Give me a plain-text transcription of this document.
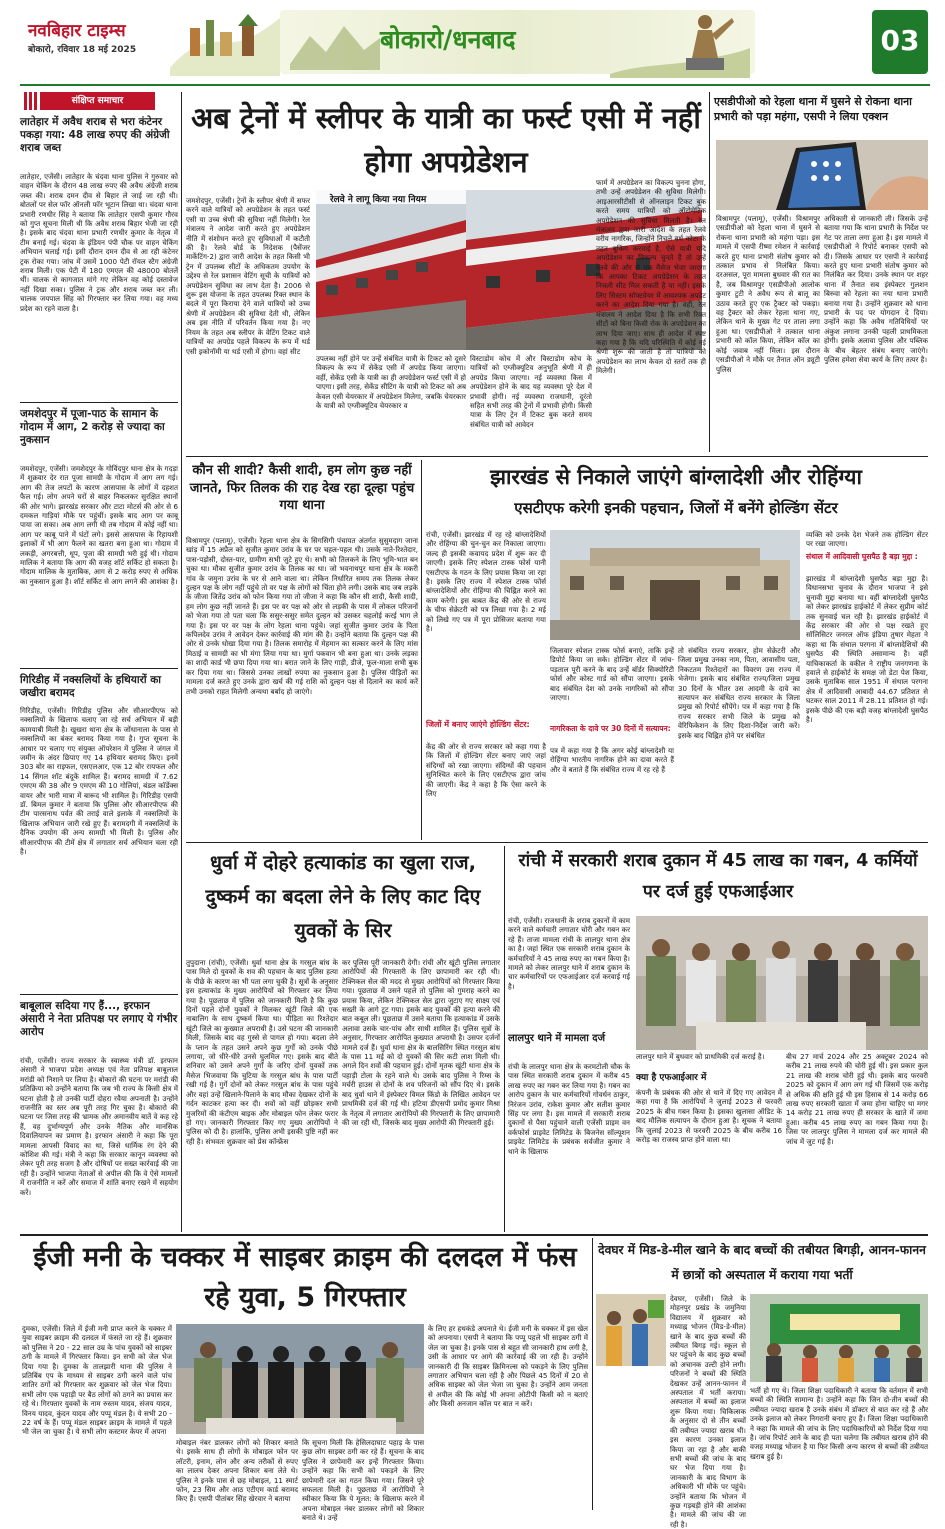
नवबिहार टाइम्स
बोकारो, रविवार 18 मई 2025	बोकारो/धनबाद	03
संक्षिप्त समाचार
लातेहार में अवैध शराब से भरा कंटेनर पकड़ा गया: 48 लाख रुपए की अंग्रेजी शराब जब्त
लातेहार, एजेंसी। लातेहार के चंदवा थाना पुलिस ने गुरुवार को वाहन चेकिंग के दौरान 48 लाख रुपए की अवैध अंग्रेजी शराब जब्त की। शराब दमन दीव से बिहार ले जाई जा रही थी। बोतलों पर सेल फॉर ऑनली फॉर भूटान लिखा था। चंदवा थाना प्रभारी रणधीर सिंह ने बताया कि लातेहार एसपी कुमार गौरव को गुप्त सूचना मिली थी कि अवैध शराब बिहार भेजी जा रही है। इसके बाद चंदवा थाना प्रभारी रणधीर कुमार के नेतृत्व में टीम बनाई गई। चंदवा के इंडियन पंपी चौक पर वाहन चेकिंग अभियान चलाई गई। इसी दौरान दमन दीव से आ रही कंटेनर ट्रक रोका गया। जांच में उसमें 1000 पेटी रॉयल स्टैग अंग्रेजी शराब मिली। एक पेटी में 180 एमएल की 48000 बोतलें थीं। चालक से कागजात मांगे गए लेकिन वह कोई दस्तावेज नहीं दिखा सका। पुलिस ने ट्रक और शराब जब्त कर ली। चालक जयपाल सिंह को गिरफ्तार कर लिया गया। वह मध्य प्रदेश का रहने वाला है।
जमशेदपुर में पूजा-पाठ के सामान के गोदाम में आग, 2 करोड़ से ज्यादा का नुकसान
जमशेदपुर, एजेंसी। जमशेदपुर के गोविंदपुर थाना क्षेत्र के गदड़ा में शुक्रवार देर रात पूजा सामग्री के गोदाम में आग लग गई। आग की तेज लपटों के कारण आसपास के लोगों में दहशत फैल गई। लोग अपने घरों से बाहर निकलकर सुरक्षित स्थानों की ओर भागे। झारखंड सरकार और टाटा मोटर्स की ओर से 6 दमकल गाड़ियां मौके पर पहुंचीं। इसके बाद आग पर काबू पाया जा सका। अब आग लगी थी तब गोदाम में कोई नहीं था। आग पर काबू पाने में घंटों लगे। इससे आसपास के रिहायशी इलाकों में भी आग फैलने का खतरा बना हुआ था। गोदाम में लकड़ी, अगरबत्ती, धूप, पूजा की सामग्री भरी हुई थी। गोदाम मालिक ने बताया कि आग की वजह शॉर्ट सर्किट हो सकता है। गोदाम मालिक के मुताबिक, आग से 2 करोड़ रुपए से अधिक का नुकसान हुआ है। शॉर्ट सर्किट से आग लगने की आशंका है।
गिरिडीह में नक्सलियों के हथियारों का जखीरा बरामद
गिरिडीह, एजेंसी। गिरिडीह पुलिस और सीआरपीएफ को नक्सलियों के खिलाफ चलाए जा रहे सर्च अभियान में बड़ी कामयाबी मिली है। खुखरा थाना क्षेत्र के जोंधानाला के पास से नक्सलियों का बंकर बरामद किया गया है। गुप्त सूचना के आधार पर चलाए गए संयुक्त ऑपरेशन में पुलिस ने जंगल में जमीन के अंदर छिपाए गए 14 हथियार बरामद किए। इनमें 303 बोर का राइफल, एसएलआर, एक 12 बोर रायफल और 14 सिंगल शॉट बंदूकें शामिल हैं। बरामद सामग्री में 7.62 एमएम की 38 और 9 एमएम की 10 गोलियां, बंडल कॉर्डेक्स वायर और भारी मात्रा में बारूद भी शामिल है। गिरिडीह एसपी डॉ. बिमल कुमार ने बताया कि पुलिस और सीआरपीएफ की टीम पारसनाथ पर्वत की तराई वाले इलाके में नक्सलियों के खिलाफ अभियान जारी रखे हुए हैं। बरामदगी में नक्सलियों के दैनिक उपयोग की अन्य सामग्री भी मिली है। पुलिस और सीआरपीएफ की टीमें क्षेत्र में लगातार सर्च अभियान चला रही है।
बाबूलाल सदिया गए हैं..., इरफान अंसारी ने नेता प्रतिपक्ष पर लगाए ये गंभीर आरोप
रांची, एजेंसी। राज्य सरकार के स्वास्थ्य मंत्री डॉ. इरफान अंसारी ने भाजपा प्रदेश अध्यक्ष एवं नेता प्रतिपक्ष बाबूलाल मरांडी को निशाने पर लिया है। बोकारो की घटना पर मरांडी की प्रतिक्रिया को उन्होंने बताया कि जब भी राज्य के किसी क्षेत्र में घटना होती है तो उनकी पार्टी दोहरा रवैया अपनाती है। उन्होंने राजनीति का स्तर अब पूरी तरह गिर चुका है। बोकारो की घटना पर जिस तरह की भ्रामक और अमानवीय बातें वे कह रहे हैं, वह दुर्भाग्यपूर्ण और उनके नैतिक और मानसिक दिवालियापन का प्रमाण है। इरफान अंसारी ने कहा कि पूरा मामला आपसी विवाद का था, जिसे धार्मिक रंग देने की कोशिश की गई। मंत्री ने कहा कि सरकार कानून व्यवस्था को लेकर पूरी तरह सजग है और दोषियों पर सख्त कार्रवाई की जा रही है। उन्होंने भाजपा नेताओं से अपील की कि वे ऐसे मामलों में राजनीति न करें और समाज में शांति बनाए रखने में सहयोग करें।
अब ट्रेनों में स्लीपर के यात्री का फर्स्ट एसी में नहीं होगा अपग्रेडेशन
जमशेदपुर, एजेंसी। ट्रेनों के स्लीपर श्रेणी में सफर करने वाले यात्रियों को अपग्रेडेशन के तहत फर्स्ट एसी या उच्च श्रेणी की सुविधा नहीं मिलेगी। रेल मंत्रालय ने आदेश जारी करते हुए अपग्रेडेशन नीति में संशोधन करते हुए सुविधाओं में कटौती की है। रेलवे बोर्ड के निदेशक (पैसेंजर मार्केटिंग-2) द्वारा जारी आदेश के तहत किसी भी ट्रेन में उपलब्ध सीटों के अधिकतम उपयोग के उद्देश्य से रेल प्रशासन वेटिंग सूची के यात्रियों को अपग्रेडेशन सुविधा का लाभ देता है। 2006 से शुरू इस योजना के तहत उपलब्ध रिक्त स्थान के बदले में पूरा किराया देने वाले यात्रियों को उच्च श्रेणी में अपग्रेडेशन की सुविधा देती थी, लेकिन अब इस नीति में परिवर्तन किया गया है। नए नियम के तहत अब स्लीपर के वेटिंग टिकट वाले यात्रियों का अपग्रेड पहले विकल्प के रूप में थर्ड एसी इकोनॉमी या थर्ड एसी में होगा। वहां सीट
रेलवे ने लागू किया नया नियम
उपलब्ध नहीं होने पर उन्हें संबंधित यात्री के टिकट को दूसरे विकल्प के रूप में सेकेंड एसी में अपग्रेड किया जाएगा। वहीं, सेकेंड एसी के यात्री का ही अपग्रेडेशन फर्स्ट एसी में हो पाएगा। इसी तरह, सेकेंड सीटिंग के यात्री को टिकट को अब केवल एसी चेयरकार में अपग्रेडेशन मिलेगा, जबकि चेयरकार के यात्री को एग्जीक्यूटिव चेयरकार व
विस्टाडोम कोच में और विस्टाडोम कोच के यात्रियों को एग्जीक्यूटिव अनुभूति श्रेणी में ही अपग्रेड किया जाएगा। नई व्यवस्था किस में अपग्रेडेशन होने के बाद यह व्यवस्था पूरे देश में प्रभावी होगी। नई व्यवस्था राजधानी, दूरंतो सहित सभी तरह की ट्रेनों में प्रभावी होगी। किसी यात्रा के लिए ट्रेन में टिकट बुक करते समय संबंधित यात्री को आवेदन
फार्म में अपग्रेडेशन का विकल्प चुनना होगा, तभी उन्हें अपग्रेडेशन की सुविधा मिलेगी। आइआरसीटीसी से ऑनलाइन टिकट बुक करते समय यात्रियों को ऑटोमेटिक अपग्रेडेशन की सुविधा मिलती है। रेल मंत्रालय द्वारा जारी आदेश के तहत रेलवे वरीय नागरिक, जिन्होंने निचले बर्थ कोटा के तहत बुकिंग करवाई है, ऐसे यात्री यदि अपग्रेडेशन का विकल्प चुनते हैं तो उन्हें रेलवे की ओर से एक मैसेज भेजा जाएगा कि आपका टिकट अपग्रेडेशन के तहत निचली सीट मिल सकती है या नहीं। इसके लिए सिस्टम सॉफ्टवेयर में आवश्यक अपडेट करने का आदेश दिया गया है। वहीं, रेल मंत्रालय ने आदेश दिया है कि सभी रिक्त सीटों को बिना किसी रोक के अपग्रेडेशन का लाभ दिया जाए। साथ ही आदेश में स्पष्ट कहा गया है कि यदि परिस्थिति में कोई नई श्रेणी शुरू की जाती है तो यात्रियों को अपग्रेडेशन का लाभ केवल दो स्तरों तक ही मिलेगी।
एसडीपीओ को रेहला थाना में घुसने से रोकना थाना प्रभारी को पड़ा महंगा, एसपी ने लिया एक्शन
विश्रामपुर (पलामू), एजेंसी। विश्रामपुर एसडीपीओ को रेहला थाना में घुसने से रोकना थाना प्रभारी को महंगा पड़ा। इस मामले में एसपी रीष्मा रमेशन ने कार्रवाई करते हुए थाना प्रभारी संतोष कुमार को तत्काल प्रभाव से निलंबित किया। दरअसल, पूरा मामला बुधवार की रात का है, जब विश्रामपुर एसडीपीओ आलोक कुमार टुटी ने अवैध रूप से बालू का उठाव करते हुए एक ट्रैक्टर को पकड़ा। वह ट्रैक्टर को लेकर रेहला थाना गए, लेकिन थाने के मुख्य गेट पर ताला लगा हुआ था। एसडीपीओ ने तत्काल थाना प्रभारी को कॉल किया, लेकिन कॉल का कोई जवाब नहीं मिला। इस दौरान एसडीपीओ ने मौके पर तैनात ऑन ड्यूटी पुलिस
अधिकारी से जानकारी ली। जिसके उन्हें बताया गया कि थाना प्रभारी के निर्देश पर गेट पर ताला लगा हुआ है। इस मामले में एसडीपीओ ने रिपोर्ट बनाकर एसपी को दी। जिसके आधार पर एसपी ने कार्रवाई करते हुए थाना प्रभारी संतोष कुमार को निलंबित कर दिया। उनके स्थान पर शहर थाना में तैनात सब इंस्पेक्टर गुलशन बिरुवा को रेहला का नया थाना प्रभारी बनाया गया है। उन्होंने शुक्रवार को थाना प्रभारी के पद पर योगदान दे दिया। उन्होंने कहा कि अवैध गतिविधियों पर अंकुश लगाना उनकी पहली प्राथमिकता होगी। इसके अलावा पुलिस और पब्लिक के बीच बेहतर संबंध बनाए जाएंगे। पुलिस हमेशा सेवा कार्य के लिए तत्पर है।
कौन सी शादी? कैसी शादी, हम लोग कुछ नहीं जानते, फिर तिलक की राह देख रहा दूल्हा पहुंच गया थाना
विश्रामपुर (पलामू), एजेंसी। रेहला थाना क्षेत्र के सिगसिगी पंचायत अंतर्गत सुसुमदाग जाना खांड़ में 15 अप्रैल को सुजीत कुमार उरांव के घर पर चहल-पहल थी। उसके नाते-रिश्तेदार, पास-पड़ोसी, दोस्त-यार, ग्रामीण सभी जुटे हुए थे। सभी को तिलकने के लिए भूमि-भात बन चुका था। मौका सुजीत कुमार उरांव के तिलक का था। जो भवनाथपुर थाना क्षेत्र के मकरी गांव के जमुना उरांव के घर से आने वाला था। लेकिन निर्धारित समय तक तिलक लेकर दुल्हन पक्ष के लोग नहीं पहुंचे तो वर पक्ष के लोगों को चिंता होने लगी। उसके बाद जब लड़के के जीजा जितेंद्र उरांव को फोन किया गया तो जीजा ने कहा कि कौन सी शादी, कैसी शादी, हम लोग कुछ नहीं जानते हैं। इस पर वर पक्ष को ओर से लड़की के पास में लोकल परिजनों को भेजा गया तो पता चला कि ससुर-ससुर समेत दुल्हन को उसकर चहलोई करई भाग ले गया है। इस पर वर पक्ष के लोग रेहला थाना पहुंचे। जहां सुजीत कुमार उरांव के पिता कपिलदेव उरांव ने आवेदन देकर कार्रवाई की मांग की है। उन्होंने बताया कि दुल्हन पक्ष की ओर से उनके धोखा दिया गया है। तिलक समारोह में मेहमान का सत्कार करने के लिए मांस मिठाई व सामग्री का भी मंगा लिया गया था। मुर्गा पकवान भी बना हुआ था। उनके लड़का का शादी कार्ड भी छपा दिया गया था। बरात जाने के लिए गाड़ी, डीजे, फूल-माला सभी बुक कर दिया गया था। जिससे उनका लाखों रुपया का नुकसान हुआ है। पुलिस पीड़ितों का मामला दर्ज करते हुए उनके द्वारा खर्च की गई राशि को दुल्हन पक्ष से दिलाने का कार्य करें तभी उनको राहत मिलेगी अन्यथा बर्बाद हो जाएंगे।
झारखंड से निकाले जाएंगे बांग्लादेशी और रोहिंग्या
एसटीएफ करेगी इनकी पहचान, जिलों में बनेंगे होल्डिंग सेंटर
रांची, एजेंसी। झारखंड में रह रहे बांग्लादेशियों और रोहिंग्या की चुन-चुन कर निकाला जाएगा। जल्द ही इसकी कवायद प्रदेश में शुरू कर दी जाएगी। इसके लिए स्पेशल टास्क फोर्स यानी एसटीएफ के गठन के लिए प्रयास किया जा रहा है। इसके लिए राज्य में स्पेशल टास्क फोर्स बांग्लादेशियों और रोहिंग्या की चिह्नित करने का काम करेगी। इस बाबत केंद्र की ओर से राज्य के चीफ सेक्रेटरी को पत्र लिखा गया है। 2 मई को लिखे गए पत्र में पूरा प्रोसिजर बताया गया है।
जिलों में बनाए जाएंगे होल्डिंग सेंटर:
केंद्र की ओर से राज्य सरकार को कहा गया है कि जिलों में होल्डिंग सेंटर बनाए जाएं जहां संदिग्धों को रखा जाएगा। संदिग्धों की पहचान सुनिश्चित करने के लिए एसटीएफ द्वारा जांच की जाएगी। केंद्र ने कहा है कि ऐसा करने के लिए
जिलावार स्पेशल टास्क फोर्स बनाएं, ताकि इन्हें डिपोर्ट किया जा सके। होल्डिंग सेंटर में जांच-पड़ताल पूरी करने के बाद उन्हें बॉर्डर सिक्योरिटी फोर्स और कोस्ट गार्ड को सौंपा जाएगा। इसके बाद संबंधित देश को उनके नागरिकों को सौंपा जाएगा।
नागरिकता के दावे पर 30 दिनों में सत्यापन:
पत्र में कहा गया है कि अगर कोई बांग्लादेशी या रोहिंग्या भारतीय नागरिक होने का दावा करते हैं और वे बताते हैं कि संबंधित राज्य में रह रहे हैं
तो संबंधित राज्य सरकार, होम सेक्रेटरी और जिला प्रमुख उनका नाम, पिता, आवासीय पता, निकटतम रिश्तेदारों का विवरण उस राज्य में भेजेगा। इसके बाद संबंधित राज्य/जिला प्रमुख 30 दिनों के भीतर उस आदमी के दावे का सत्यापन कर संबंधित राज्य सरकार के जिला प्रमुख को रिपोर्ट सौंपेंगे। पत्र में कहा गया है कि राज्य सरकार सभी जिले के प्रमुख को वेरिफिकेशन के लिए दिशा-निर्देश जारी करें। इसके बाद चिह्नित होने पर संबंधित
व्यक्ति को उनके देश भेजने तक होल्डिंग सेंटर पर रखा जाएगा।
संथाल में आदिवासी घुसपैठ है बड़ा मुद्दा :
झारखंड में बांग्लादेशी घुसपैठ बड़ा मुद्दा है। विधानसभा चुनाव के दौरान भाजपा ने इसे चुनावी मुद्दा बनाया था। वहीं बांग्लादेशी घुसपैठ को लेकर झारखंड हाईकोर्ट में लेकर सुप्रीम कोर्ट तक सुनवाई चल रही है। झारखंड हाईकोर्ट में केंद्र सरकार की ओर से पक्ष रखते हुए सॉलिसिटर जनरल ऑफ इंडिया तुषार मेहता ने कहा था कि संथाल परगना में बांग्लादेशियों की घुसपैठ की स्थिति असामान्य है। वहीं याचिकाकर्ता के वकील ने राष्ट्रीय जनगणना के हवाले से हाईकोर्ट के समक्ष जो डेटा पेश किया, उसके मुताबिक साल 1951 में संथाल परगना क्षेत्र में आदिवासी आबादी 44.67 प्रतिशत से घटकर साल 2011 में 28.11 प्रतिशत हो गई। इसके पीछे की एक बड़ी वजह बांग्लादेशी घुसपैठ है।
धुर्वा में दोहरे हत्याकांड का खुला राज, दुष्कर्म का बदला लेने के लिए काट दिए युवकों के सिर
तुपुदाना (रांची), एजेंसी। धुर्वा थाना क्षेत्र के गरसुल बांध के पास मिले दो युवकों के शव की पहचान के बाद पुलिस हत्या के पीछे के कारण का भी पता लगा चुकी है। सूत्रों के अनुसार इस हत्याकांड के मुख्य आरोपियों को गिरफ्तार कर लिया गया है। पूछताछ में पुलिस को जानकारी मिली है कि कुछ दिनों पहले दोनों युवकों ने मिलकर खूंटी जिले की एक नाबालिग के साथ दुष्कर्म किया था। पीड़िता का रिश्तेदार खूंटी जिले का कुख्यात अपराधी है। उसे घटना की जानकारी मिली, जिसके बाद वह गुस्से से पागल हो गया। बदला लेने के प्लान के तहत उसने अपने कुछ गुर्गों को उनके पीछे लगाया, जो धीरे-धीरे उनसे घुलमिल गए। इसके बाद बीते शनिवार को उसने अपने गुर्गों के जरिए दोनों युवकों तक मैसेज भिजवाया कि चुटिया के गरसुल बांध के पास पार्टी रखी गई है। गुर्गे दोनों को लेकर गरसुल बांध के पास पहुंचे और वहां उन्हें खिलाने-पिलाने के बाद मौका देखकर दोनों के गर्दन काटकर हत्या कर दी। शवों को वहीं छोड़कर सभी मुजरिमों की कंटीएम बाइक और मोबाइल फोन लेकर फरार हो गए। जानकारी गिरफ्तार किए गए मुख्य आरोपियों ने पुलिस को दी है। हालांकि, पुलिस अभी इसकी पुष्टि नहीं कर रही है। संभवतः शुक्रवार को प्रेस कॉन्फ्रेंस
कर पुलिस पूरी जानकारी देगी। रांची और खूंटी पुलिस लगातार आरोपियों की गिरफ्तारी के लिए छापामारी कर रही थी। टेक्निकल सेल की मदद से मुख्य आरोपियों को गिरफ्तार किया गया। पूछताछ में उसने पहले तो पुलिस को गुमराह करने का प्रयास किया, लेकिन टेक्निकल सेल द्वारा जुटाए गए साक्ष्य एवं सख्ती के आगे टूट गया। इसके बाद युवकों की हत्या करने की बात कबूल ली। पूछताछ में उसने बताया कि हत्याकांड में उसके अलावा उसके चार-पांच और साथी शामिल हैं। पुलिस सूत्रों के अनुसार, गिरफ्तार आरोपित कुख्यात अपराधी है। उसपर दर्जनों मामले दर्ज हैं। धुर्वा थाना क्षेत्र के बालसिरिंग स्थित गरसुल बांध के पास 11 मई को दो युवकों की सिर कटी लाश मिली थी। अगले दिन शवों की पहचान हुई। दोनों मृतक खूंटी थाना क्षेत्र के पहाड़ी टोला के रहने वाले थे। उसके बाद पुलिस ने रिम्स के मर्चरी हाउस से दोनों के शव परिजनों को सौंप दिए थे। इसके बाद धुर्वा थाने में इंस्पेक्टर विमल किंडो के लिखित आवेदन पर प्राथमिकी दर्ज की गई थी। हटिया डीएसपी प्रमोद कुमार मिश्रा के नेतृत्व में लगातार आरोपियों की गिरफ्तारी के लिए छापामारी की जा रही थी, जिसके बाद मुख्य आरोपी की गिरफ्तारी हुई।
रांची में सरकारी शराब दुकान में 45 लाख का गबन, 4 कर्मियों पर दर्ज हुई एफआईआर
रांची, एजेंसी। राजधानी के शराब दुकानों में काम करने वाले कर्मचारी लगातार चोरी और गबन कर रहे हैं। ताजा मामला रांची के लालपुर थाना क्षेत्र का है। जहां स्थित एक सरकारी शराब दुकान के कर्मचारियों ने 45 लाख रुपए का गबन किया है। मामले को लेकर लालपुर थाने में शराब दुकान के चार कर्मचारियों पर एफआईआर दर्ज करवाई गई है।
लालपुर थाने में मामला दर्ज
रांची के लालपुर थाना क्षेत्र के करमटोली चौक के पास स्थित सरकारी शराब दुकान में करीब 45 लाख रुपए का गबन कर लिया गया है। गबन का आरोप दुकान के चार कर्मचारियों गोवर्धन ठाकुर, निरंजन उरांव, राकेश कुमार और सतीश कुमार सिंह पर लगा है। इस मामले में सरकारी शराब दुकानों से पैसा पहुंचाने वाली एजेंसी प्राइम वन वर्कफोर्स प्राइवेट लिमिटेड के बिजनेस सॉल्यूशन प्राइवेट लिमिटेड के प्रबंधक सर्वजीत कुमार ने थाने के खिलाफ
लालपुर थाने में बुधवार को प्राथमिकी दर्ज कराई है।
क्या है एफआईआर में
कंपनी के प्रबंधक की ओर से थाने में दिए गए आवेदन में कहा गया है कि आरोपियों ने जुलाई 2023 से फरवरी 2025 के बीच गबन किया है। इसका खुलासा ऑडिट के बाद मौलिक सत्यापन के दौरान हुआ है। सूचक ने बताया कि जुलाई 2023 से फरवरी 2025 के बीच करीब 16 करोड़ का राजस्व प्राप्त होने वाला था।
बीच 27 मार्च 2024 और 25 अक्टूबर 2024 को करीब 21 लाख रुपये की चोरी हुई थी। इस प्रकार कुल 21 लाख की शराब चोरी हुई थी। इसके बाद फरवरी 2025 को दुकान में आग लग गई थी जिसमें एक करोड़ से अधिक की क्षति हुई थी इस हिसाब से 14 करोड़ 66 लाख रुपए सरकारी खाता में जमा होना चाहिए था मगर 14 करोड़ 21 लाख रुपए ही सरकार के खाते में जमा हुआ। करीब 45 लाख रुपए का गबन किया गया है। जिस पर लालपुर पुलिस ने मामला दर्ज कर मामले की जांच में जुट गई है।
ईजी मनी के चक्कर में साइबर क्राइम की दलदल में फंस रहे युवा, 5 गिरफ्तार
दुमका, एजेंसी। जिले में ईजी मनी प्राप्त करने के चक्कर में युवा साइबर क्राइम की दलदल में फंसते जा रहे हैं। शुक्रवार को पुलिस ने 20 - 22 साल उम्र के पांच युवकों को साइबर ठगी के मामले में गिरफ्तार किया। इन सभी को जेल भेज दिया गया है। दुमका के तालझारी थाना की पुलिस ने प्रतिबिंब एप के माध्यम से साइबर ठगी करने वाले पांच शातिर ठगों को गिरफ्तार कर शुक्रवार को जेल भेज दिया। सभी लोग एक पहाड़ी पर बैठ लोगों को ठगने का प्रयास कर रहे थे। गिरफ्तार युवकों के नाम रुस्तम यादव, संजय यादव, विनय यादव, कुंदन यादव और पप्पू मंडल है। ये सभी 20 - 22 वर्ष के हैं। पप्पू मंडल साइबर क्राइम के मामले में पहले भी जेल जा चुका है। ये सभी लोग कस्टमर केयर में अपना
मोबाइल नंबर डालकर लोगों को शिकार बनाते थे। इसके साथ ही लोगों के मोबाइल फोन पर लॉटरी, इनाम, लोन और अन्य तरीकों से रुपए का लालच देकर अपना शिकार बना लेते थे। पुलिस ने इनके पास से छह मोबाइल, 11 स्मार्ट फोन, 23 सिम और आठ एटीएम कार्ड बरामद किए हैं। एसपी पीतांबर सिंह खेरवार ने बताया
कि सूचना मिली कि हेसिलदाघाट पहाड़ के पास कुछ लोग साइबर ठगी कर रहे हैं। सूचना के बाद पुलिस ने छापेमारी कर इन्हें गिरफ्तार किया। उन्होंने कहा कि सभी को पकड़ने के लिए छापेमारी दल का गठन किया गया। जिसने पूरे सफलता मिली है। पूछताछ में आरोपियों ने स्वीकार किया कि ये मूलत: के खिलाफ करने में अपना मोबाइल नंबर डालकर लोगों को शिकार बनाते थे। उन्हें
के लिए हर हथकंडे अपनाते थे। ईजी मनी के चक्कर में इस खेल को अपनाया। एसपी ने बताया कि पप्पू पहले भी साइबर ठगी में जेल जा चुका है। इनके पास से बहुत सी जानकारी हाथ लगी है, उसी के आधार पर आगे की कार्रवाई की जा रही है। उन्होंने जानकारी दी कि साइबर क्रिमिनल्स को पकड़ने के लिए पुलिस लगातार अभियान चला रही है और पिछले 45 दिनों में 20 से अधिक साइबर को जेल भेजा जा चुका है। उन्होंने आम जनता से अपील की कि कोई भी अपना ओटीपी किसी को न बताएं और किसी अनजान कॉल पर बात न करें।
देवघर में मिड-डे-मील खाने के बाद बच्चों की तबीयत बिगड़ी, आनन-फानन में छात्रों को अस्पताल में कराया गया भर्ती
देवघर, एजेंसी। जिले के मोहनपुर प्रखंड के जमुनिया विद्यालय में शुक्रवार को मध्याह्न भोजन (मिड-डे-मील) खाने के बाद कुछ बच्चों की तबीयत बिगड़ गई। स्कूल से घर पहुंचने के बाद कुछ बच्चों को अचानक उल्टी होने लगी। परिजनों ने बच्चों की स्थिति देखकर उन्हें आनन-फानन में अस्पताल में भर्ती कराया। अस्पताल में बच्चों का इलाज शुरू किया गया। चिकित्सक के अनुसार दो से तीन बच्चों की तबीयत ज्यादा खराब थी। इस कारण उनका इलाज किया जा रहा है और बाकी सभी बच्चों की जांच के बाद घर भेज दिया गया है। जानकारी के बाद विभाग के अधिकारी भी मौके पर पहुंचे। उन्होंने बताया कि भोजन में कुछ गड़बड़ी होने की आशंका है। मामले की जांच की जा रही है।
भर्ती हो गए थे। जिला शिक्षा पदाधिकारी ने बताया कि वर्तमान में सभी बच्चों की स्थिति सामान्य है। उन्होंने कहा कि जिन दो-तीन बच्चों की तबीयत ज्यादा खराब है उनके संबंध में डॉक्टर से बात कर रहे हैं और उनके इलाज को लेकर निगरानी बनाए हुए हैं। जिला शिक्षा पदाधिकारी ने कहा कि मामले की जांच के लिए पदाधिकारियों को निर्देश दिया गया है। जांच रिपोर्ट आने के बाद ही पता चलेगा कि तबीयत खराब होने की वजह मध्याह्न भोजन है या फिर किसी अन्य कारण से बच्चों की तबीयत खराब हुई है।
